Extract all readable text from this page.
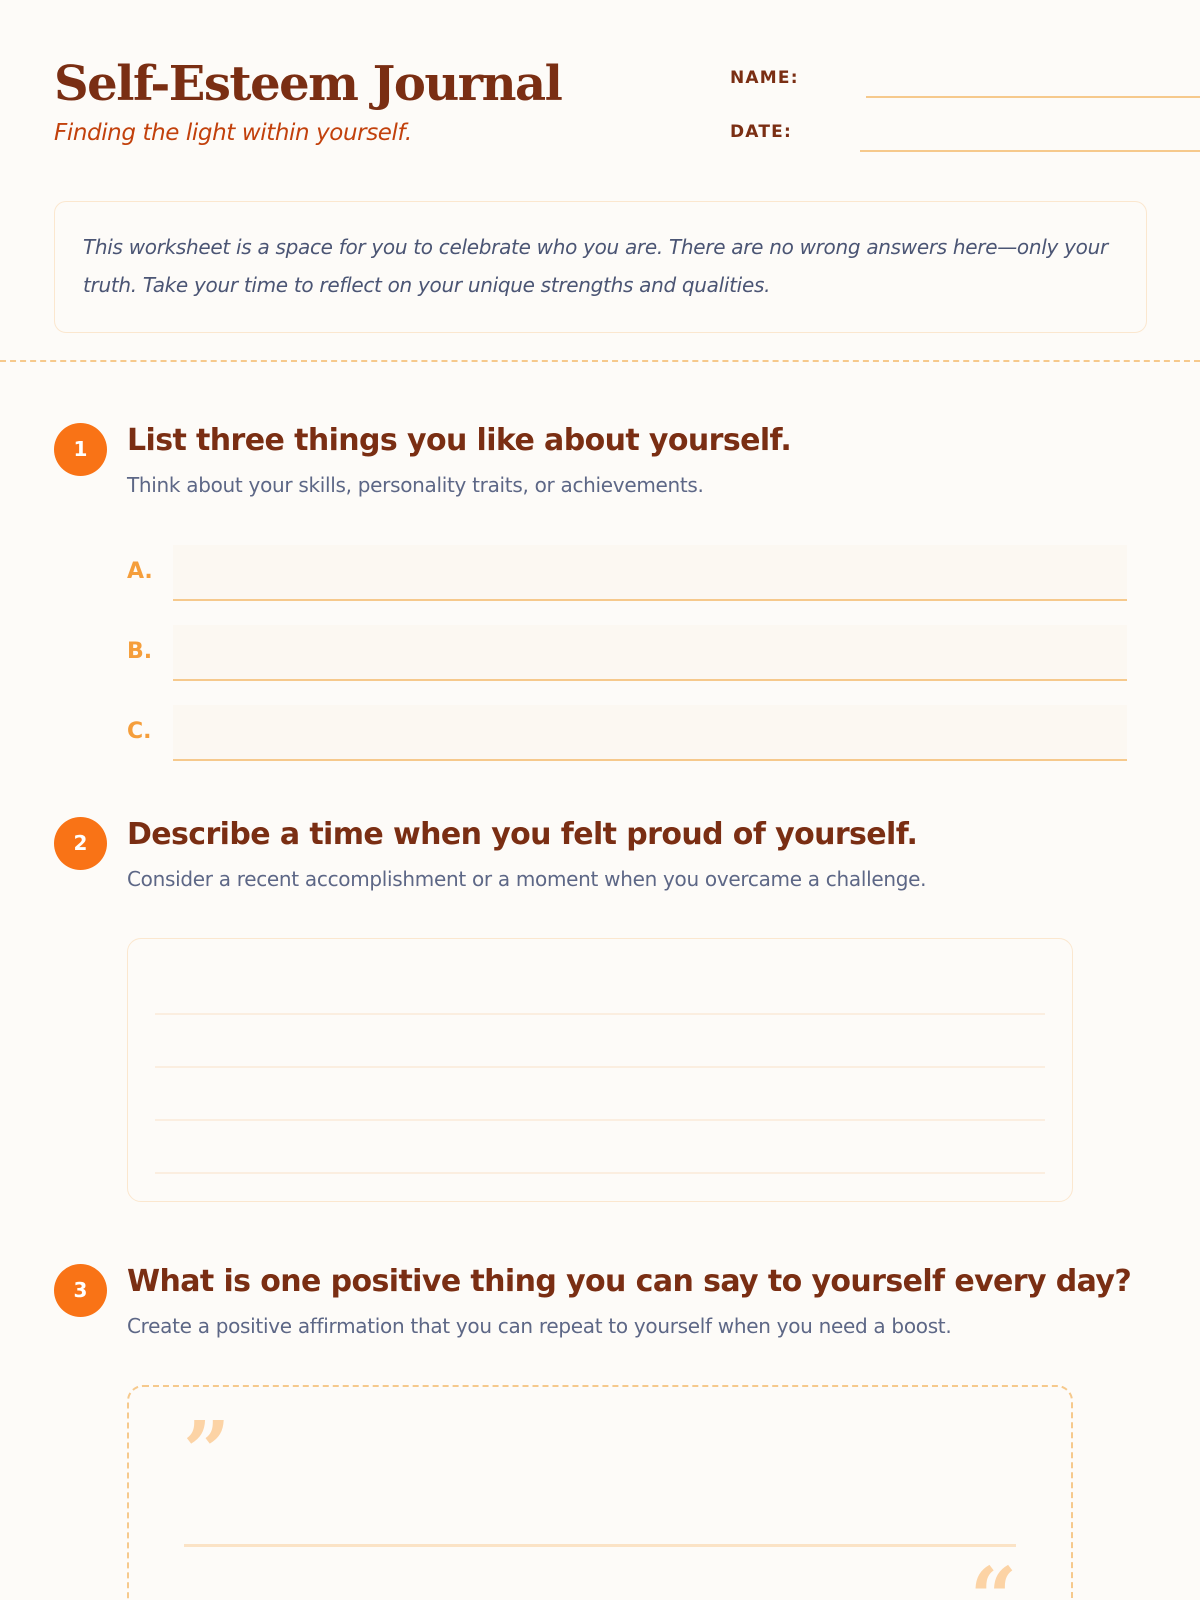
Self-Esteem Journal
Finding the light within yourself.
NAME:
DATE:

This worksheet is a space for you to celebrate who you are. There are no wrong answers here—only your truth. Take your time to reflect on your unique strengths and qualities.

1	List three things you like about yourself.
Think about your skills, personality traits, or achievements.
A.
B.
C.
2	Describe a time when you felt proud of yourself.
Consider a recent accomplishment or a moment when you overcame a challenge.
3	What is one positive thing you can say to yourself every day?
Create a positive affirmation that you can repeat to yourself when you need a boost.
”
“
